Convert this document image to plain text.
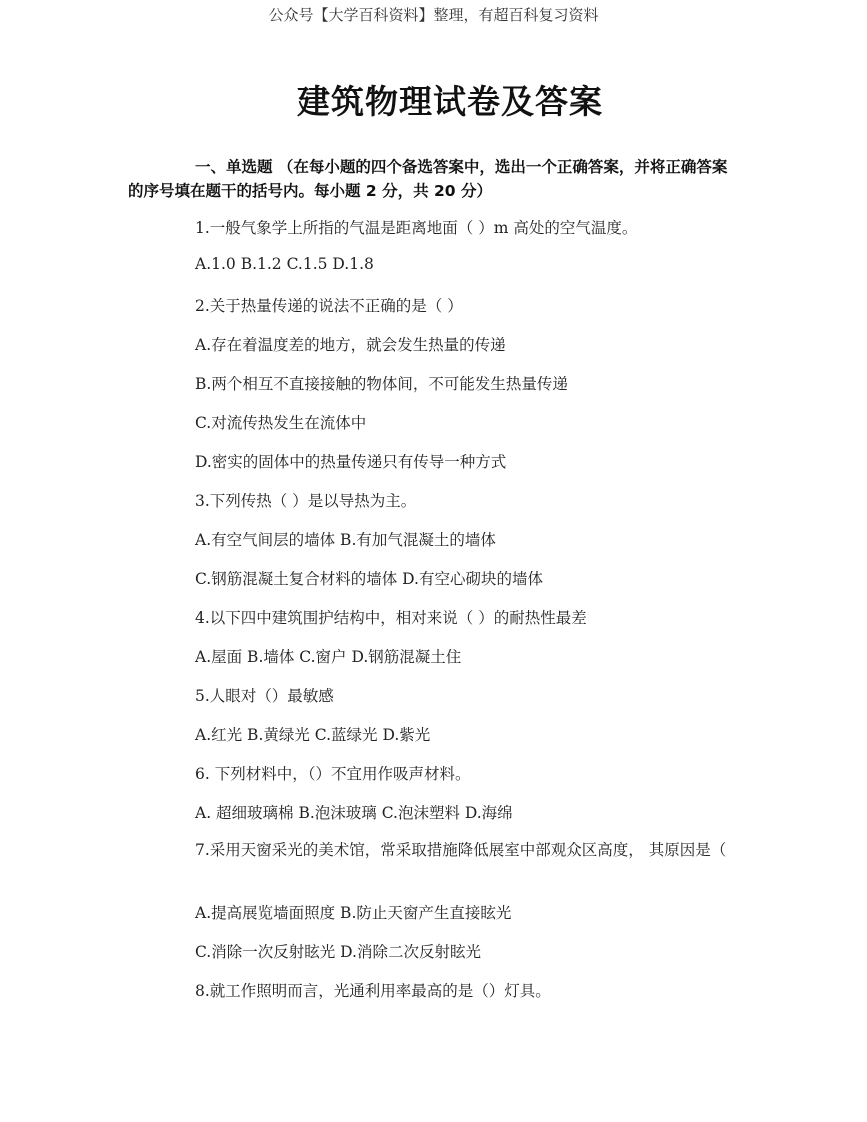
公众号【大学百科资料】整理，有超百科复习资料
建筑物理试卷及答案
一、单选题 （在每小题的四个备选答案中，选出一个正确答案，并将正确答案的序号填在题干的括号内。每小题 2 分，共 20 分）
1.一般气象学上所指的气温是距离地面（ ）m 高处的空气温度。
A.1.0 B.1.2 C.1.5 D.1.8
2.关于热量传递的说法不正确的是（ ）
A.存在着温度差的地方，就会发生热量的传递
B.两个相互不直接接触的物体间，不可能发生热量传递
C.对流传热发生在流体中
D.密实的固体中的热量传递只有传导一种方式
3.下列传热（ ）是以导热为主。
A.有空气间层的墙体 B.有加气混凝土的墙体
C.钢筋混凝土复合材料的墙体 D.有空心砌块的墙体
4.以下四中建筑围护结构中，相对来说（ ）的耐热性最差
A.屋面 B.墙体 C.窗户 D.钢筋混凝土住
5.人眼对（）最敏感
A.红光 B.黄绿光 C.蓝绿光 D.紫光
6. 下列材料中，（）不宜用作吸声材料。
A. 超细玻璃棉 B.泡沫玻璃 C.泡沫塑料 D.海绵
7.采用天窗采光的美术馆，常采取措施降低展室中部观众区高度， 其原因是（
A.提高展览墙面照度 B.防止天窗产生直接眩光
C.消除一次反射眩光 D.消除二次反射眩光
8.就工作照明而言，光通利用率最高的是（）灯具。
